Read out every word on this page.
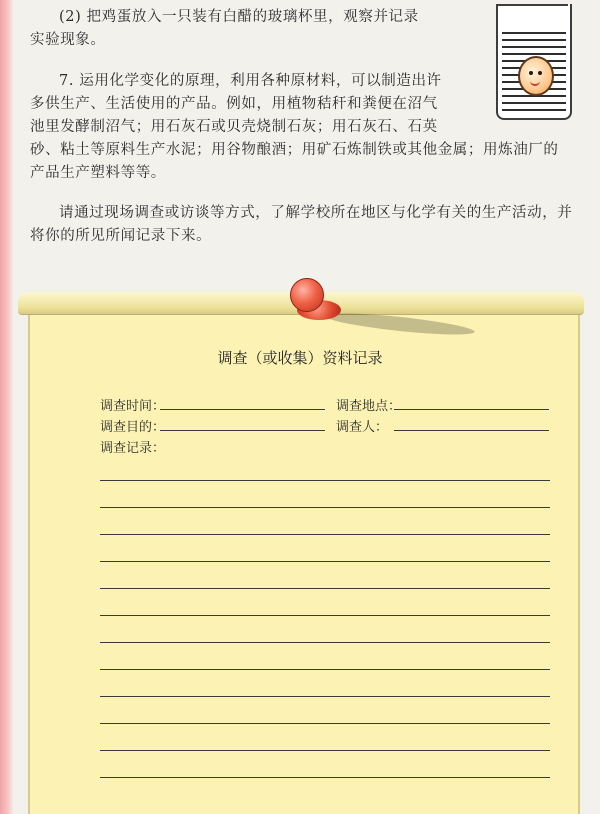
(2) 把鸡蛋放入一只装有白醋的玻璃杯里，观察并记录
实验现象。
7. 运用化学变化的原理，利用各种原材料，可以制造出许
多供生产、生活使用的产品。例如，用植物秸秆和粪便在沼气
池里发酵制沼气；用石灰石或贝壳烧制石灰；用石灰石、石英
砂、粘土等原料生产水泥；用谷物酿酒；用矿石炼制铁或其他金属；用炼油厂的
产品生产塑料等等。
请通过现场调查或访谈等方式，了解学校所在地区与化学有关的生产活动，并
将你的所见所闻记录下来。
调查（或收集）资料记录
调查时间：	调查地点：
调查目的：	调查人：
调查记录：
